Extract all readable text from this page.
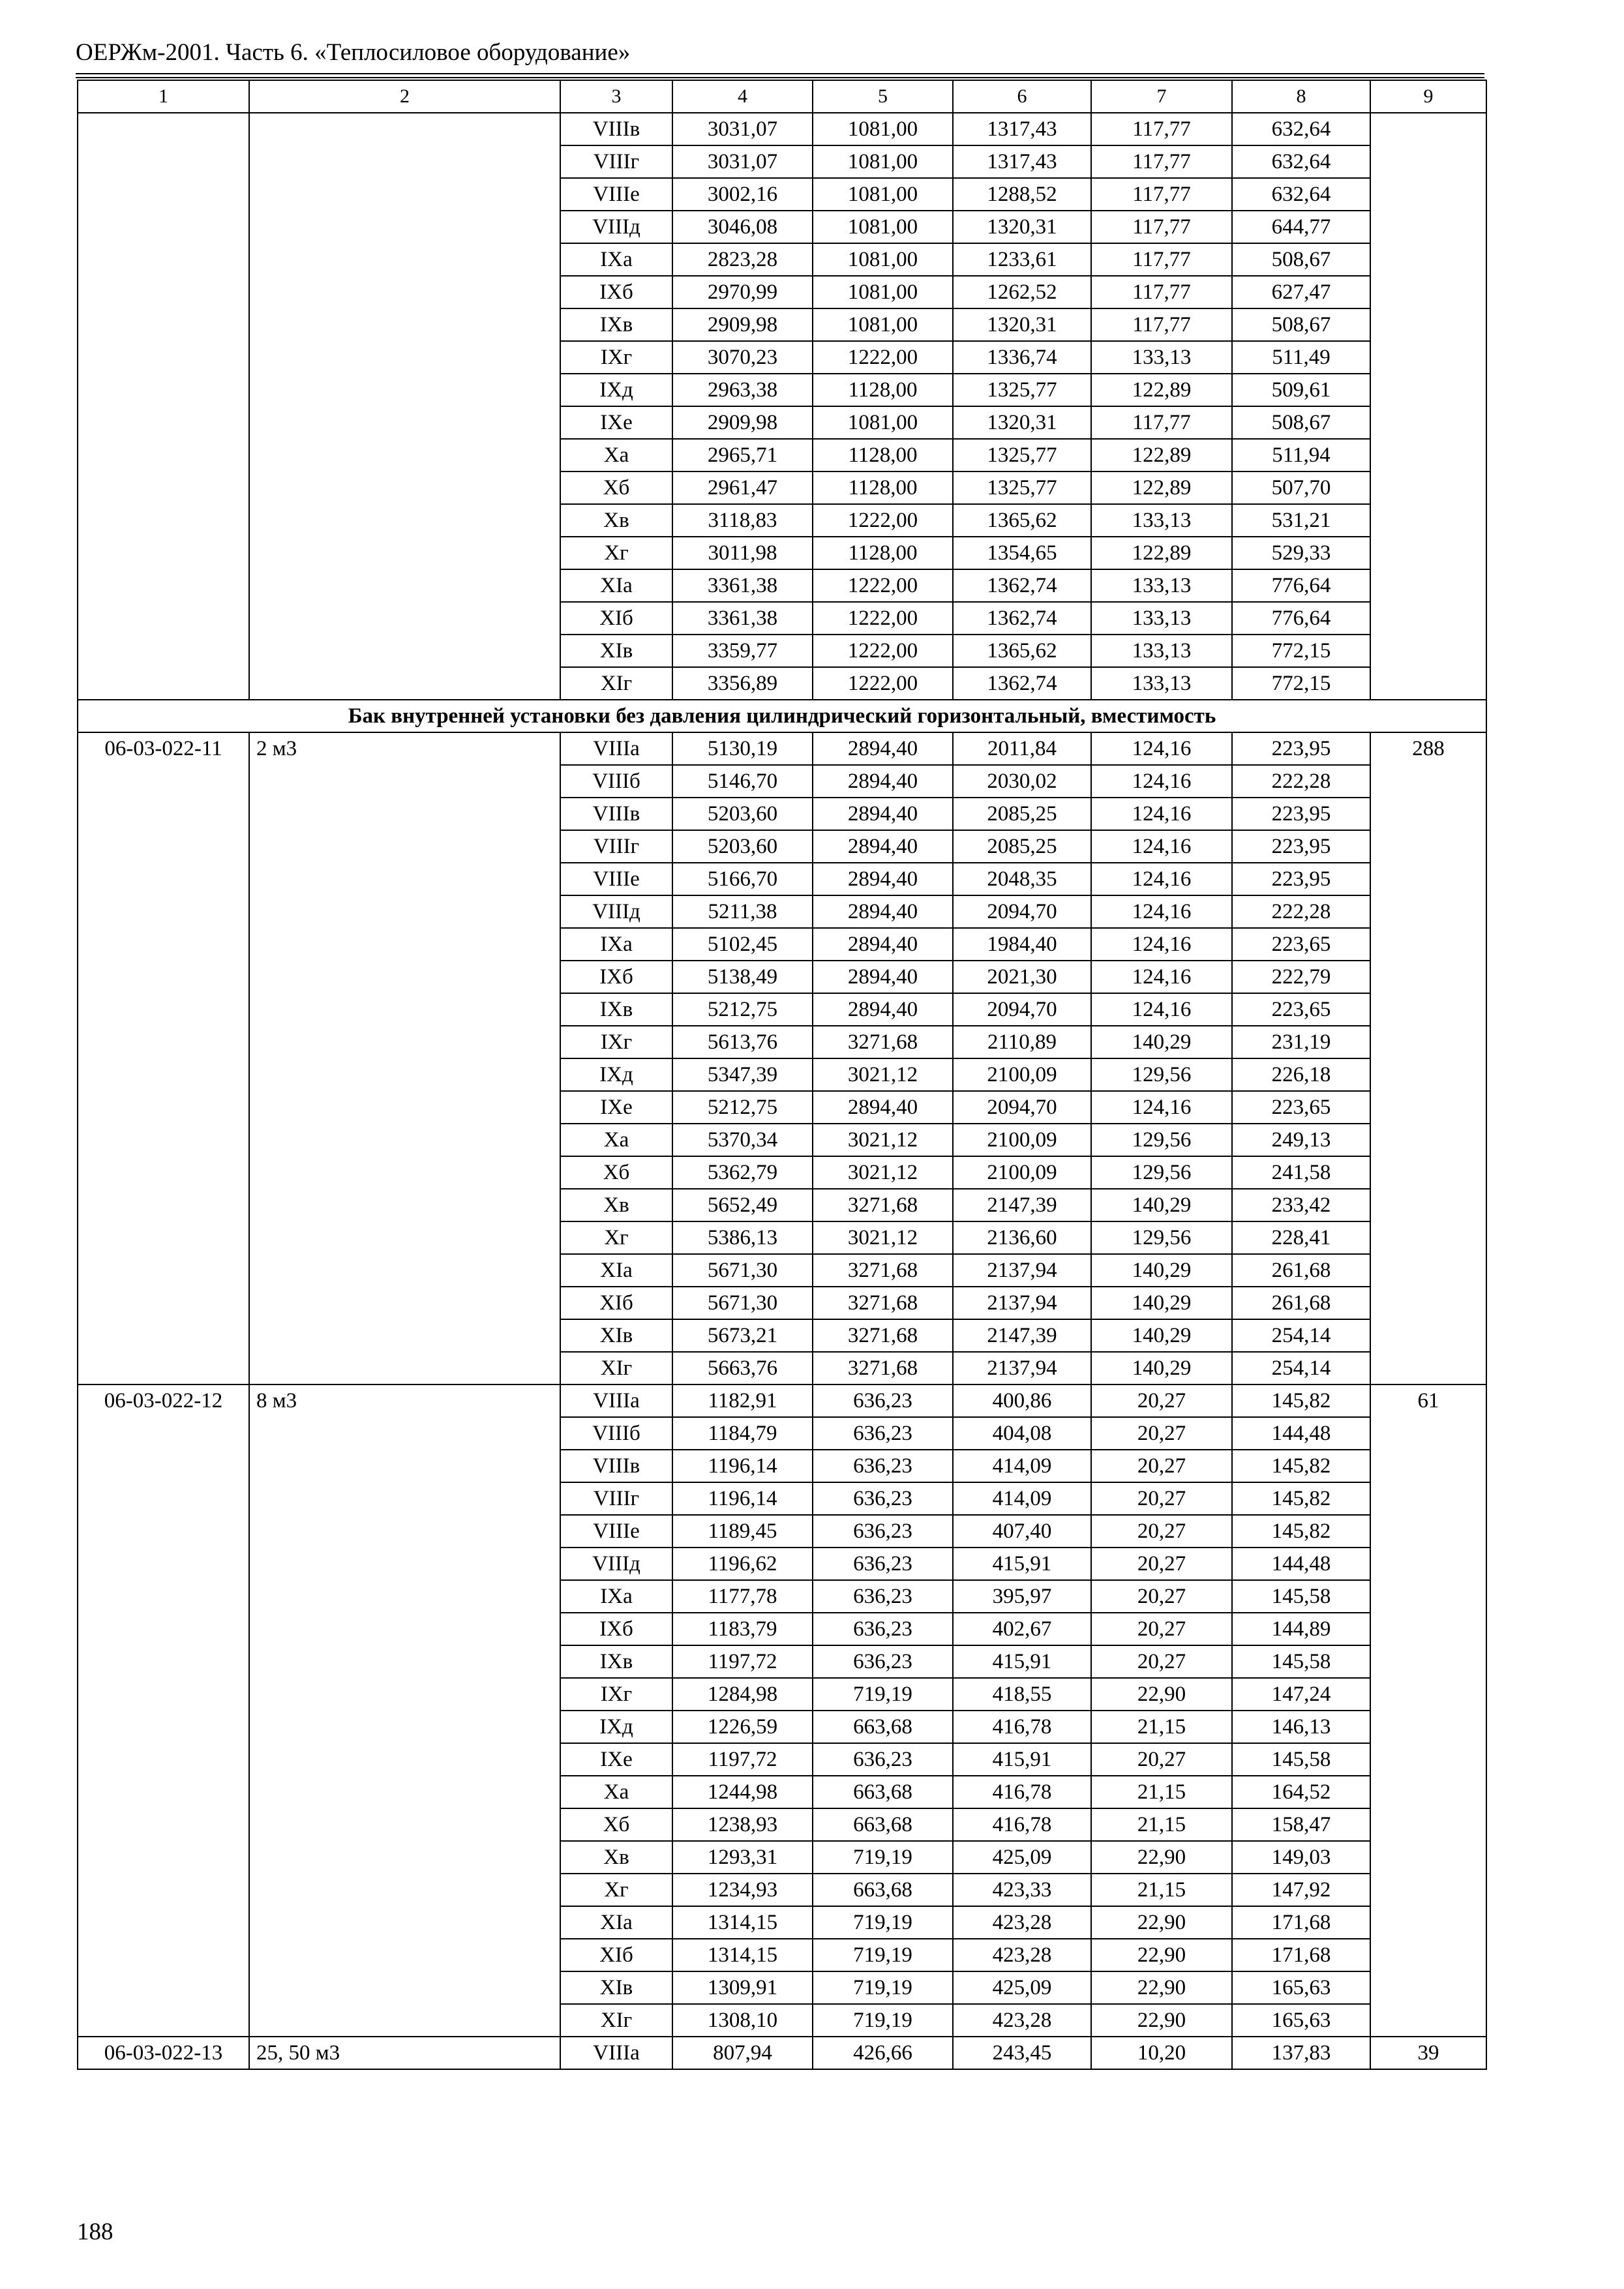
ОЕРЖм-2001. Часть 6. «Теплосиловое оборудование»
1	2	3	4	5	6	7	8	9
		VIIIв	3031,07	1081,00	1317,43	117,77	632,64	
		VIIIг	3031,07	1081,00	1317,43	117,77	632,64	
		VIIIe	3002,16	1081,00	1288,52	117,77	632,64	
		VIIIд	3046,08	1081,00	1320,31	117,77	644,77	
		IXa	2823,28	1081,00	1233,61	117,77	508,67	
		IXб	2970,99	1081,00	1262,52	117,77	627,47	
		IXв	2909,98	1081,00	1320,31	117,77	508,67	
		IXг	3070,23	1222,00	1336,74	133,13	511,49	
		IXд	2963,38	1128,00	1325,77	122,89	509,61	
		IXe	2909,98	1081,00	1320,31	117,77	508,67	
		Xa	2965,71	1128,00	1325,77	122,89	511,94	
		Xб	2961,47	1128,00	1325,77	122,89	507,70	
		Xв	3118,83	1222,00	1365,62	133,13	531,21	
		Xг	3011,98	1128,00	1354,65	122,89	529,33	
		XIa	3361,38	1222,00	1362,74	133,13	776,64	
		XIб	3361,38	1222,00	1362,74	133,13	776,64	
		XIв	3359,77	1222,00	1365,62	133,13	772,15	
		XIг	3356,89	1222,00	1362,74	133,13	772,15	
Бак внутренней установки без давления цилиндрический горизонтальный, вместимость								
06-03-022-11	2 м3	VIIIa	5130,19	2894,40	2011,84	124,16	223,95	288
		VIIIб	5146,70	2894,40	2030,02	124,16	222,28	
		VIIIв	5203,60	2894,40	2085,25	124,16	223,95	
		VIIIг	5203,60	2894,40	2085,25	124,16	223,95	
		VIIIe	5166,70	2894,40	2048,35	124,16	223,95	
		VIIIд	5211,38	2894,40	2094,70	124,16	222,28	
		IXa	5102,45	2894,40	1984,40	124,16	223,65	
		IXб	5138,49	2894,40	2021,30	124,16	222,79	
		IXв	5212,75	2894,40	2094,70	124,16	223,65	
		IXг	5613,76	3271,68	2110,89	140,29	231,19	
		IXд	5347,39	3021,12	2100,09	129,56	226,18	
		IXe	5212,75	2894,40	2094,70	124,16	223,65	
		Xa	5370,34	3021,12	2100,09	129,56	249,13	
		Xб	5362,79	3021,12	2100,09	129,56	241,58	
		Xв	5652,49	3271,68	2147,39	140,29	233,42	
		Xг	5386,13	3021,12	2136,60	129,56	228,41	
		XIa	5671,30	3271,68	2137,94	140,29	261,68	
		XIб	5671,30	3271,68	2137,94	140,29	261,68	
		XIв	5673,21	3271,68	2147,39	140,29	254,14	
		XIг	5663,76	3271,68	2137,94	140,29	254,14	
06-03-022-12	8 м3	VIIIa	1182,91	636,23	400,86	20,27	145,82	61
		VIIIб	1184,79	636,23	404,08	20,27	144,48	
		VIIIв	1196,14	636,23	414,09	20,27	145,82	
		VIIIг	1196,14	636,23	414,09	20,27	145,82	
		VIIIe	1189,45	636,23	407,40	20,27	145,82	
		VIIIд	1196,62	636,23	415,91	20,27	144,48	
		IXa	1177,78	636,23	395,97	20,27	145,58	
		IXб	1183,79	636,23	402,67	20,27	144,89	
		IXв	1197,72	636,23	415,91	20,27	145,58	
		IXг	1284,98	719,19	418,55	22,90	147,24	
		IXд	1226,59	663,68	416,78	21,15	146,13	
		IXe	1197,72	636,23	415,91	20,27	145,58	
		Xa	1244,98	663,68	416,78	21,15	164,52	
		Xб	1238,93	663,68	416,78	21,15	158,47	
		Xв	1293,31	719,19	425,09	22,90	149,03	
		Xг	1234,93	663,68	423,33	21,15	147,92	
		XIa	1314,15	719,19	423,28	22,90	171,68	
		XIб	1314,15	719,19	423,28	22,90	171,68	
		XIв	1309,91	719,19	425,09	22,90	165,63	
		XIг	1308,10	719,19	423,28	22,90	165,63	
06-03-022-13	25, 50 м3	VIIIa	807,94	426,66	243,45	10,20	137,83	39
188
